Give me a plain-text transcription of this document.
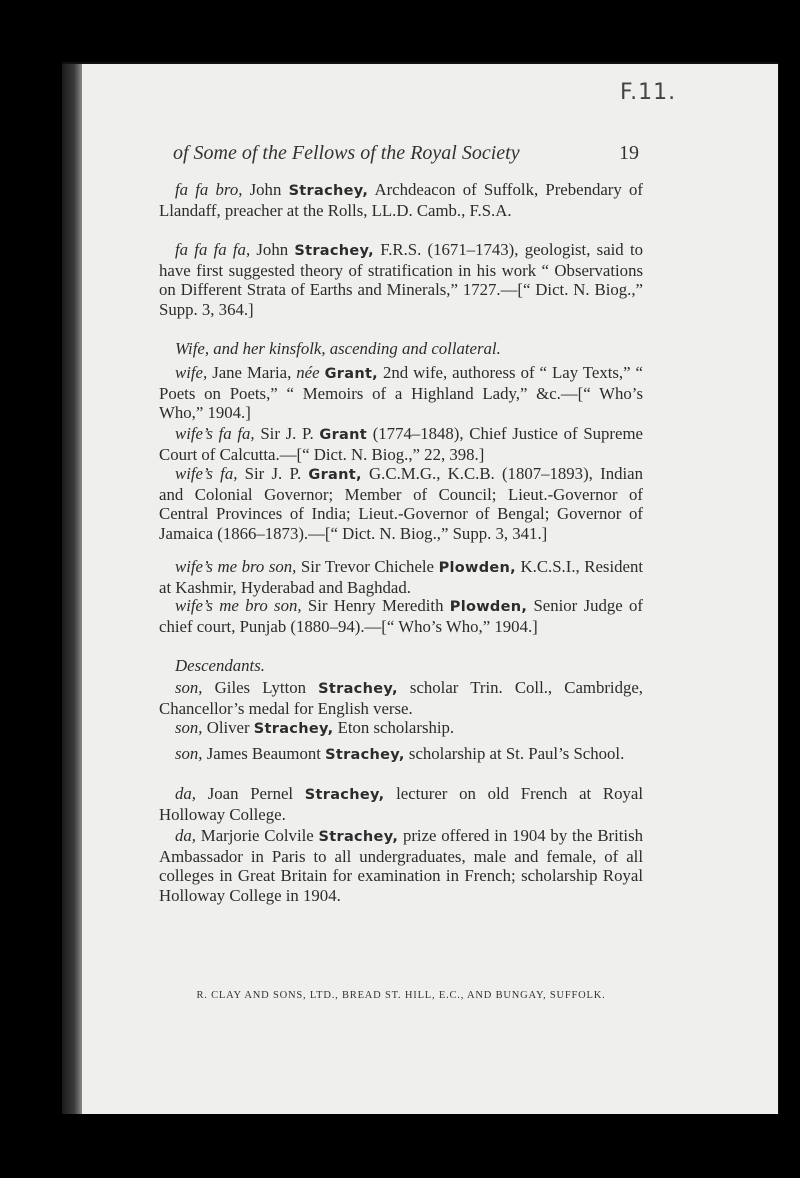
F.11.
of Some of the Fellows of the Royal Society	19
fa fa bro, John Strachey, Archdeacon of Suffolk, Prebendary of Llandaff, preacher at the Rolls, LL.D. Camb., F.S.A.
fa fa fa fa, John Strachey, F.R.S. (1671–1743), geologist, said to have first suggested theory of stratification in his work “ Observations on Different Strata of Earths and Minerals,” 1727.—[“ Dict. N. Biog.,” Supp. 3, 364.]
Wife, and her kinsfolk, ascending and collateral.
wife, Jane Maria, née Grant, 2nd wife, authoress of “ Lay Texts,” “ Poets on Poets,” “ Memoirs of a Highland Lady,” &c.—[“ Who’s Who,” 1904.]
wife’s fa fa, Sir J. P. Grant (1774–1848), Chief Justice of Supreme Court of Calcutta.—[“ Dict. N. Biog.,” 22, 398.]
wife’s fa, Sir J. P. Grant, G.C.M.G., K.C.B. (1807–1893), Indian and Colonial Governor; Member of Council; Lieut.-Governor of Central Provinces of India; Lieut.-Governor of Bengal; Governor of Jamaica (1866–1873).—[“ Dict. N. Biog.,” Supp. 3, 341.]
wife’s me bro son, Sir Trevor Chichele Plowden, K.C.S.I., Resident at Kashmir, Hyderabad and Baghdad.
wife’s me bro son, Sir Henry Meredith Plowden, Senior Judge of chief court, Punjab (1880–94).—[“ Who’s Who,” 1904.]
Descendants.
son, Giles Lytton Strachey, scholar Trin. Coll., Cambridge, Chancellor’s medal for English verse.
son, Oliver Strachey, Eton scholarship.
son, James Beaumont Strachey, scholarship at St. Paul’s School.
da, Joan Pernel Strachey, lecturer on old French at Royal Holloway College.
da, Marjorie Colvile Strachey, prize offered in 1904 by the British Ambassador in Paris to all undergraduates, male and female, of all colleges in Great Britain for examination in French; scholarship Royal Holloway College in 1904.
R. CLAY AND SONS, LTD., BREAD ST. HILL, E.C., AND BUNGAY, SUFFOLK.
